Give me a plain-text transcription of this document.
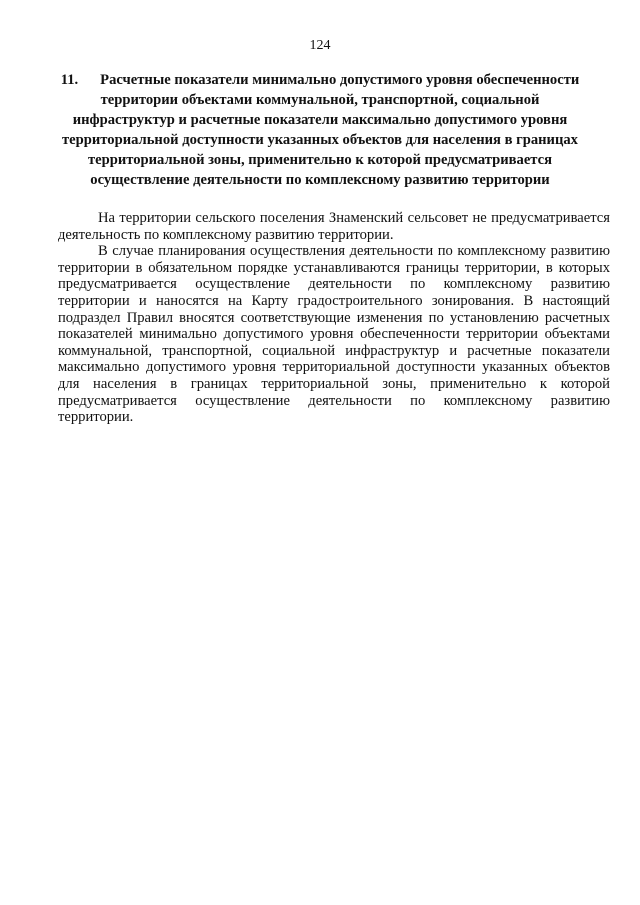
124
11. Расчетные показатели минимально допустимого уровня обеспеченности территории объектами коммунальной, транспортной, социальной инфраструктур и расчетные показатели максимально допустимого уровня территориальной доступности указанных объектов для населения в границах территориальной зоны, применительно к которой предусматривается осуществление деятельности по комплексному развитию территории

На территории сельского поселения Знаменский сельсовет не предусматривается деятельность по комплексному развитию территории.

В случае планирования осуществления деятельности по комплексному развитию территории в обязательном порядке устанавливаются границы территории, в которых предусматривается осуществление деятельности по комплексному развитию территории и наносятся на Карту градостроительного зонирования. В настоящий подраздел Правил вносятся соответствующие изменения по установлению расчетных показателей минимально допустимого уровня обеспеченности территории объектами коммунальной, транспортной, социальной инфраструктур и расчетные показатели максимально допустимого уровня территориальной доступности указанных объектов для населения в границах территориальной зоны, применительно к которой предусматривается осуществление деятельности по комплексному развитию территории.
